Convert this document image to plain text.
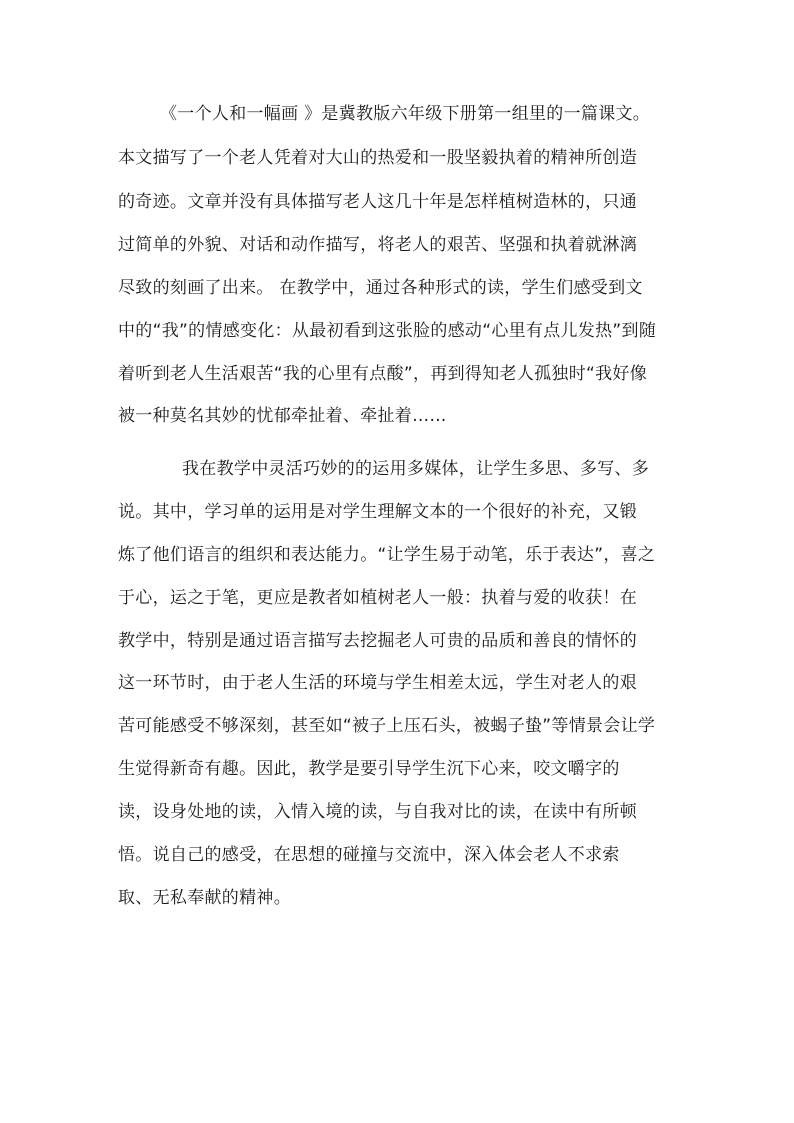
《一个人和一幅画 》是冀教版六年级下册第一组里的一篇课文。
本文描写了一个老人凭着对大山的热爱和一股坚毅执着的精神所创造
的奇迹。文章并没有具体描写老人这几十年是怎样植树造林的，只通
过简单的外貌、对话和动作描写，将老人的艰苦、坚强和执着就淋漓
尽致的刻画了出来。 在教学中，通过各种形式的读，学生们感受到文
中的“我”的情感变化：从最初看到这张脸的感动“心里有点儿发热”到随
着听到老人生活艰苦“我的心里有点酸”，再到得知老人孤独时“我好像
被一种莫名其妙的忧郁牵扯着、牵扯着……
我在教学中灵活巧妙的的运用多媒体，让学生多思、多写、多
说。其中，学习单的运用是对学生理解文本的一个很好的补充，又锻
炼了他们语言的组织和表达能力。“让学生易于动笔，乐于表达”，喜之
于心，运之于笔，更应是教者如植树老人一般：执着与爱的收获！在
教学中，特别是通过语言描写去挖掘老人可贵的品质和善良的情怀的
这一环节时，由于老人生活的环境与学生相差太远，学生对老人的艰
苦可能感受不够深刻，甚至如“被子上压石头，被蝎子蛰”等情景会让学
生觉得新奇有趣。因此，教学是要引导学生沉下心来，咬文嚼字的
读，设身处地的读，入情入境的读，与自我对比的读，在读中有所顿
悟。说自己的感受，在思想的碰撞与交流中，深入体会老人不求索
取、无私奉献的精神。
